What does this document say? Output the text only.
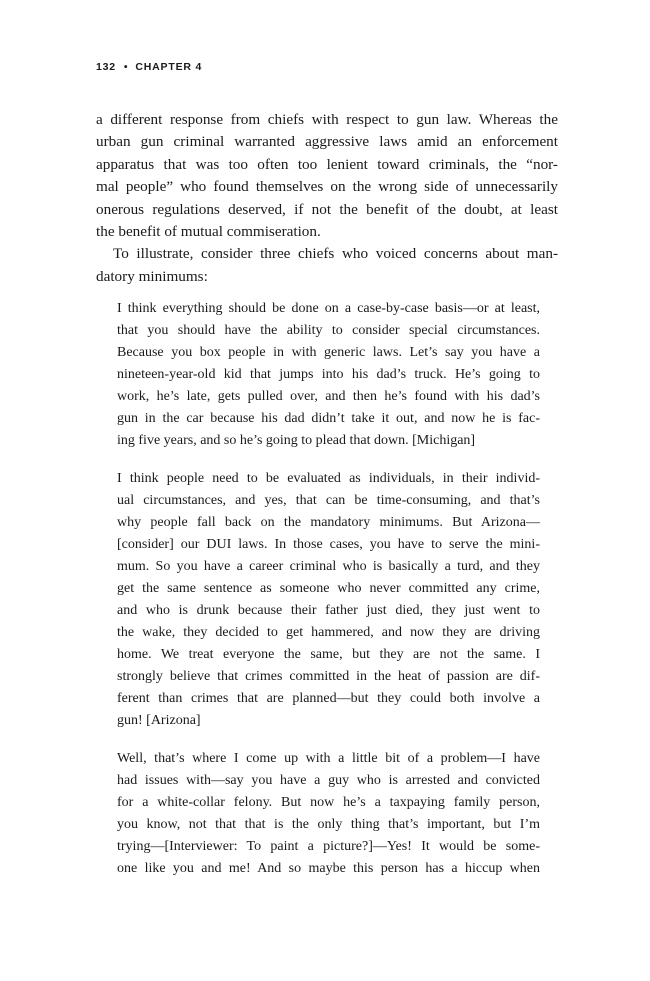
132 • CHAPTER 4
a different response from chiefs with respect to gun law. Whereas the
urban gun criminal warranted aggressive laws amid an enforcement
apparatus that was too often too lenient toward criminals, the “nor-
mal people” who found themselves on the wrong side of unnecessarily
onerous regulations deserved, if not the benefit of the doubt, at least
the benefit of mutual commiseration.
To illustrate, consider three chiefs who voiced concerns about man-
datory minimums:
I think everything should be done on a case-by-case basis—or at least,
that you should have the ability to consider special circumstances.
Because you box people in with generic laws. Let’s say you have a
nineteen-year-old kid that jumps into his dad’s truck. He’s going to
work, he’s late, gets pulled over, and then he’s found with his dad’s
gun in the car because his dad didn’t take it out, and now he is fac-
ing five years, and so he’s going to plead that down. [Michigan]
I think people need to be evaluated as individuals, in their individ-
ual circumstances, and yes, that can be time-consuming, and that’s
why people fall back on the mandatory minimums. But Arizona—
[consider] our DUI laws. In those cases, you have to serve the mini-
mum. So you have a career criminal who is basically a turd, and they
get the same sentence as someone who never committed any crime,
and who is drunk because their father just died, they just went to
the wake, they decided to get hammered, and now they are driving
home. We treat everyone the same, but they are not the same. I
strongly believe that crimes committed in the heat of passion are dif-
ferent than crimes that are planned—but they could both involve a
gun! [Arizona]
Well, that’s where I come up with a little bit of a problem—I have
had issues with—say you have a guy who is arrested and convicted
for a white-collar felony. But now he’s a taxpaying family person,
you know, not that that is the only thing that’s important, but I’m
trying—[Interviewer: To paint a picture?]—Yes! It would be some-
one like you and me! And so maybe this person has a hiccup when
